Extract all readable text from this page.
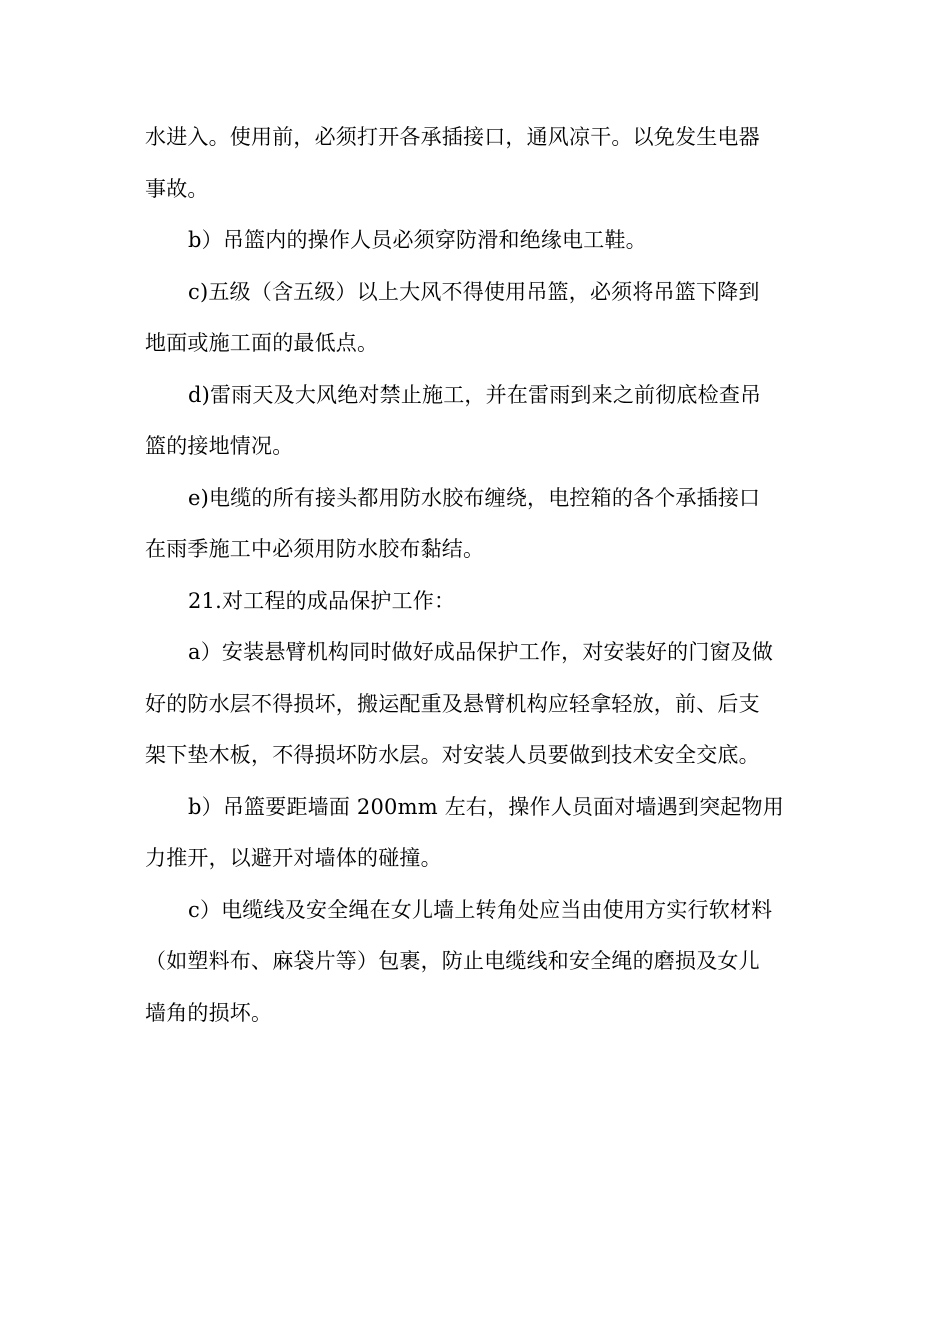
水进入。使用前，必须打开各承插接口，通风凉干。以免发生电器
事故。
b）吊篮内的操作人员必须穿防滑和绝缘电工鞋。
c)五级（含五级）以上大风不得使用吊篮，必须将吊篮下降到
地面或施工面的最低点。
d)雷雨天及大风绝对禁止施工，并在雷雨到来之前彻底检查吊
篮的接地情况。
e)电缆的所有接头都用防水胶布缠绕，电控箱的各个承插接口
在雨季施工中必须用防水胶布黏结。
21.对工程的成品保护工作：
a）安装悬臂机构同时做好成品保护工作，对安装好的门窗及做
好的防水层不得损坏，搬运配重及悬臂机构应轻拿轻放，前、后支
架下垫木板，不得损坏防水层。对安装人员要做到技术安全交底。
b）吊篮要距墙面 200mm 左右，操作人员面对墙遇到突起物用
力推开，以避开对墙体的碰撞。
c）电缆线及安全绳在女儿墙上转角处应当由使用方实行软材料
（如塑料布、麻袋片等）包裹，防止电缆线和安全绳的磨损及女儿
墙角的损坏。
